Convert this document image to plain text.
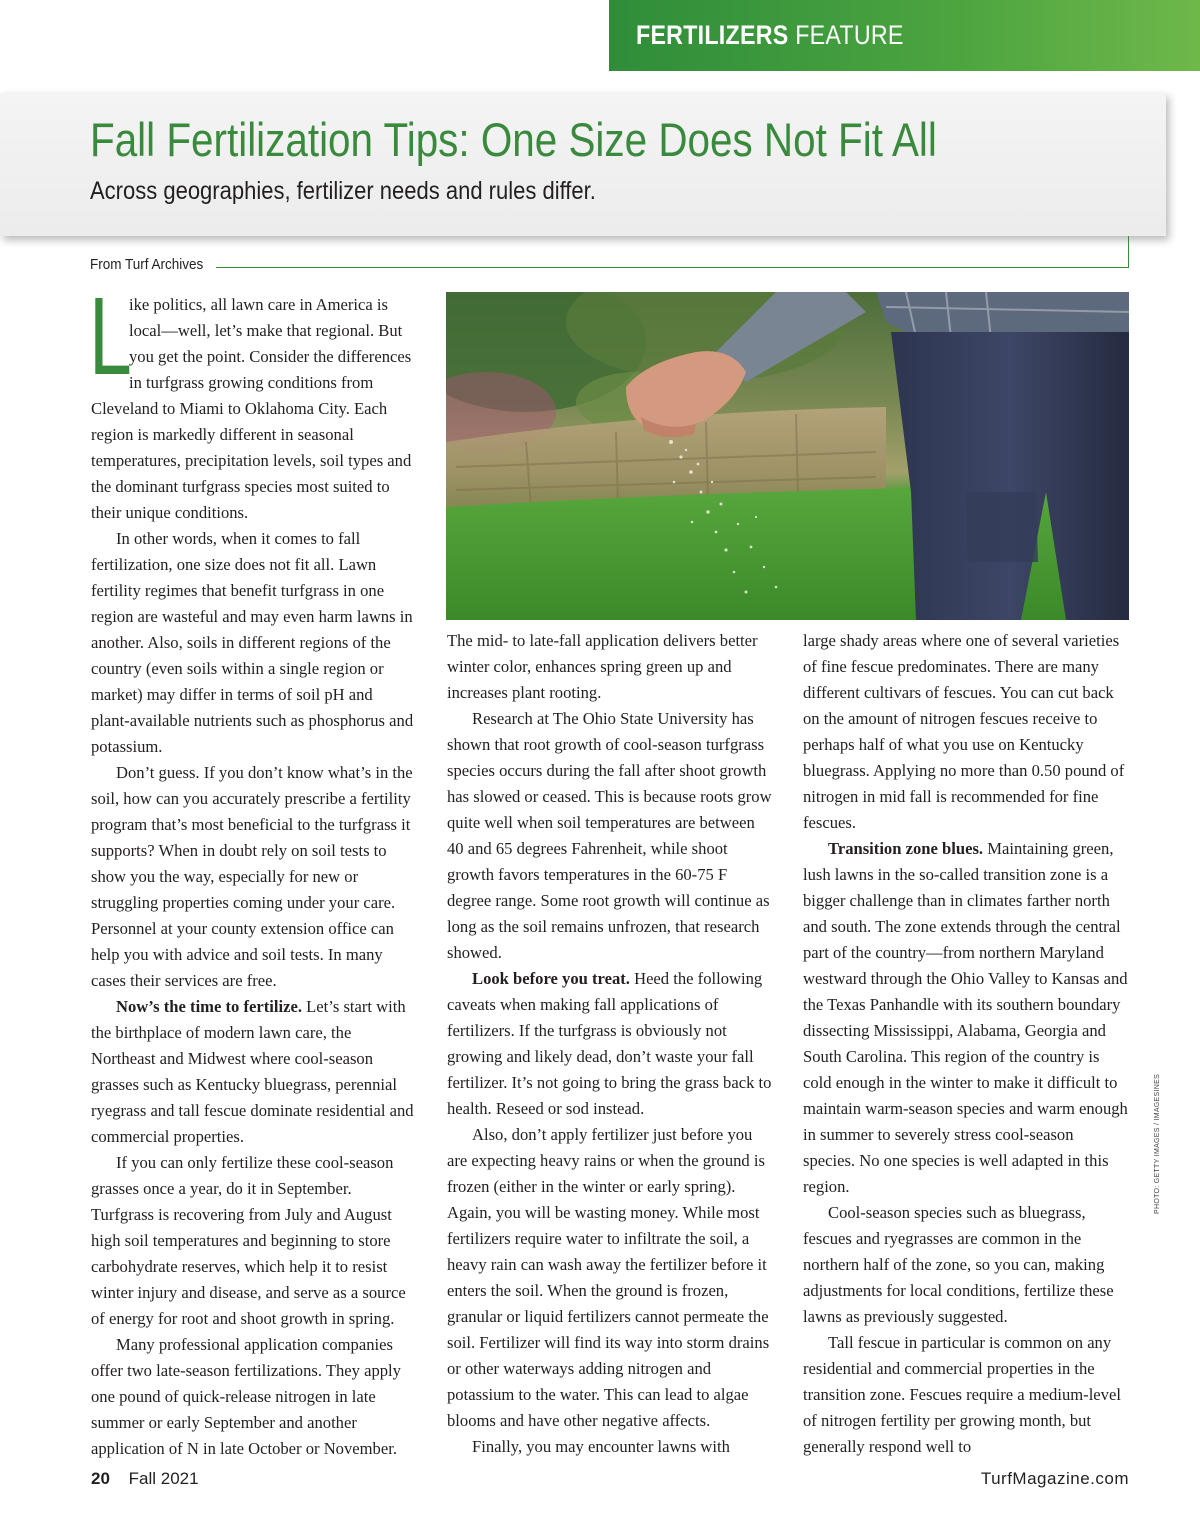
FERTILIZERS FEATURE
Fall Fertilization Tips: One Size Does Not Fit All

Across geographies, fertilizer needs and rules differ.

From Turf Archives

L
ike politics, all lawn care in America is local—well, let’s make that regional. But you get the point. Consider the differences in turfgrass growing conditions from Cleveland to Miami to Oklahoma City. Each region is markedly different in seasonal temperatures, precipitation levels, soil types and the dominant turfgrass species most suited to their unique conditions.

In other words, when it comes to fall fertilization, one size does not fit all. Lawn fertility regimes that benefit turfgrass in one region are wasteful and may even harm lawns in another. Also, soils in different regions of the country (even soils within a single region or market) may differ in terms of soil pH and plant-available nutrients such as phosphorus and potassium.

Don’t guess. If you don’t know what’s in the soil, how can you accurately prescribe a fertility program that’s most beneficial to the turfgrass it supports? When in doubt rely on soil tests to show you the way, especially for new or struggling properties coming under your care. Personnel at your county extension office can help you with advice and soil tests. In many cases their services are free.

Now’s the time to fertilize. Let’s start with the birthplace of modern lawn care, the Northeast and Midwest where cool-season grasses such as Kentucky bluegrass, perennial ryegrass and tall fescue dominate residential and commercial properties.

If you can only fertilize these cool-season grasses once a year, do it in September. Turfgrass is recovering from July and August high soil temperatures and beginning to store carbohydrate reserves, which help it to resist winter injury and disease, and serve as a source of energy for root and shoot growth in spring.

Many professional application companies offer two late-season fertilizations. They apply one pound of quick-release nitrogen in late summer or early September and another application of N in late October or November.

The mid- to late-fall application delivers better winter color, enhances spring green up and increases plant rooting.

Research at The Ohio State University has shown that root growth of cool-season turfgrass species occurs during the fall after shoot growth has slowed or ceased. This is because roots grow quite well when soil temperatures are between 40 and 65 degrees Fahrenheit, while shoot growth favors temperatures in the 60-75 F degree range. Some root growth will continue as long as the soil remains unfrozen, that research showed.

Look before you treat. Heed the following caveats when making fall applications of fertilizers. If the turfgrass is obviously not growing and likely dead, don’t waste your fall fertilizer. It’s not going to bring the grass back to health. Reseed or sod instead.

Also, don’t apply fertilizer just before you are expecting heavy rains or when the ground is frozen (either in the winter or early spring). Again, you will be wasting money. While most fertilizers require water to infiltrate the soil, a heavy rain can wash away the fertilizer before it enters the soil. When the ground is frozen, granular or liquid fertilizers cannot permeate the soil. Fertilizer will find its way into storm drains or other waterways adding nitrogen and potassium to the water. This can lead to algae blooms and have other negative affects.

Finally, you may encounter lawns with

large shady areas where one of several varieties of fine fescue predominates. There are many different cultivars of fescues. You can cut back on the amount of nitrogen fescues receive to perhaps half of what you use on Kentucky bluegrass. Applying no more than 0.50 pound of nitrogen in mid fall is recommended for fine fescues.

Transition zone blues. Maintaining green, lush lawns in the so-called transition zone is a bigger challenge than in climates farther north and south. The zone extends through the central part of the country—from northern Maryland westward through the Ohio Valley to Kansas and the Texas Panhandle with its southern boundary dissecting Mississippi, Alabama, Georgia and South Carolina. This region of the country is cold enough in the winter to make it difficult to maintain warm-season species and warm enough in summer to severely stress cool-season species. No one species is well adapted in this region.

Cool-season species such as bluegrass, fescues and ryegrasses are common in the northern half of the zone, so you can, making adjustments for local conditions, fertilize these lawns as previously suggested.

Tall fescue in particular is common on any residential and commercial properties in the transition zone. Fescues require a medium-level of nitrogen fertility per growing month, but generally respond well to

PHOTO: GETTY IMAGES / IMAGESINES
20 Fall 2021	TurfMagazine.com
